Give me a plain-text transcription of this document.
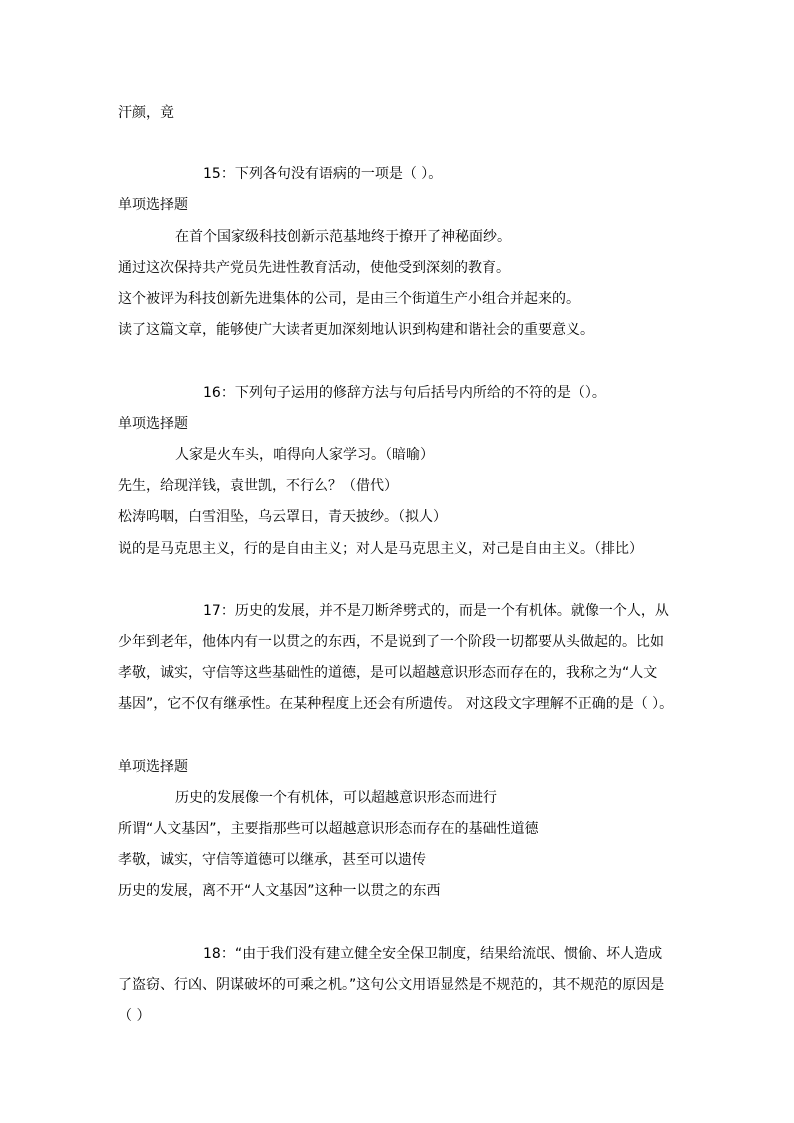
汗颜，竟
15：下列各句没有语病的一项是（ ）。
单项选择题
在首个国家级科技创新示范基地终于撩开了神秘面纱。
通过这次保持共产党员先进性教育活动，使他受到深刻的教育。
这个被评为科技创新先进集体的公司，是由三个街道生产小组合并起来的。
读了这篇文章，能够使广大读者更加深刻地认识到构建和谐社会的重要意义。
16：下列句子运用的修辞方法与句后括号内所给的不符的是（）。
单项选择题
人家是火车头，咱得向人家学习。（暗喻）
先生，给现洋钱，袁世凯，不行么？（借代）
松涛呜咽，白雪泪坠，乌云罩日，青天披纱。（拟人）
说的是马克思主义，行的是自由主义；对人是马克思主义，对己是自由主义。（排比）
17：历史的发展，并不是刀断斧劈式的，而是一个有机体。就像一个人，从
少年到老年，他体内有一以贯之的东西，不是说到了一个阶段一切都要从头做起的。比如
孝敬，诚实，守信等这些基础性的道德，是可以超越意识形态而存在的，我称之为“人文
基因”，它不仅有继承性。在某种程度上还会有所遗传。 对这段文字理解不正确的是（ ）。
单项选择题
历史的发展像一个有机体，可以超越意识形态而进行
所谓“人文基因”，主要指那些可以超越意识形态而存在的基础性道德
孝敬，诚实，守信等道德可以继承，甚至可以遗传
历史的发展，离不开“人文基因”这种一以贯之的东西
18：“由于我们没有建立健全安全保卫制度，结果给流氓、惯偷、坏人造成
了盗窃、行凶、阴谋破坏的可乘之机。”这句公文用语显然是不规范的，其不规范的原因是
（ ）
